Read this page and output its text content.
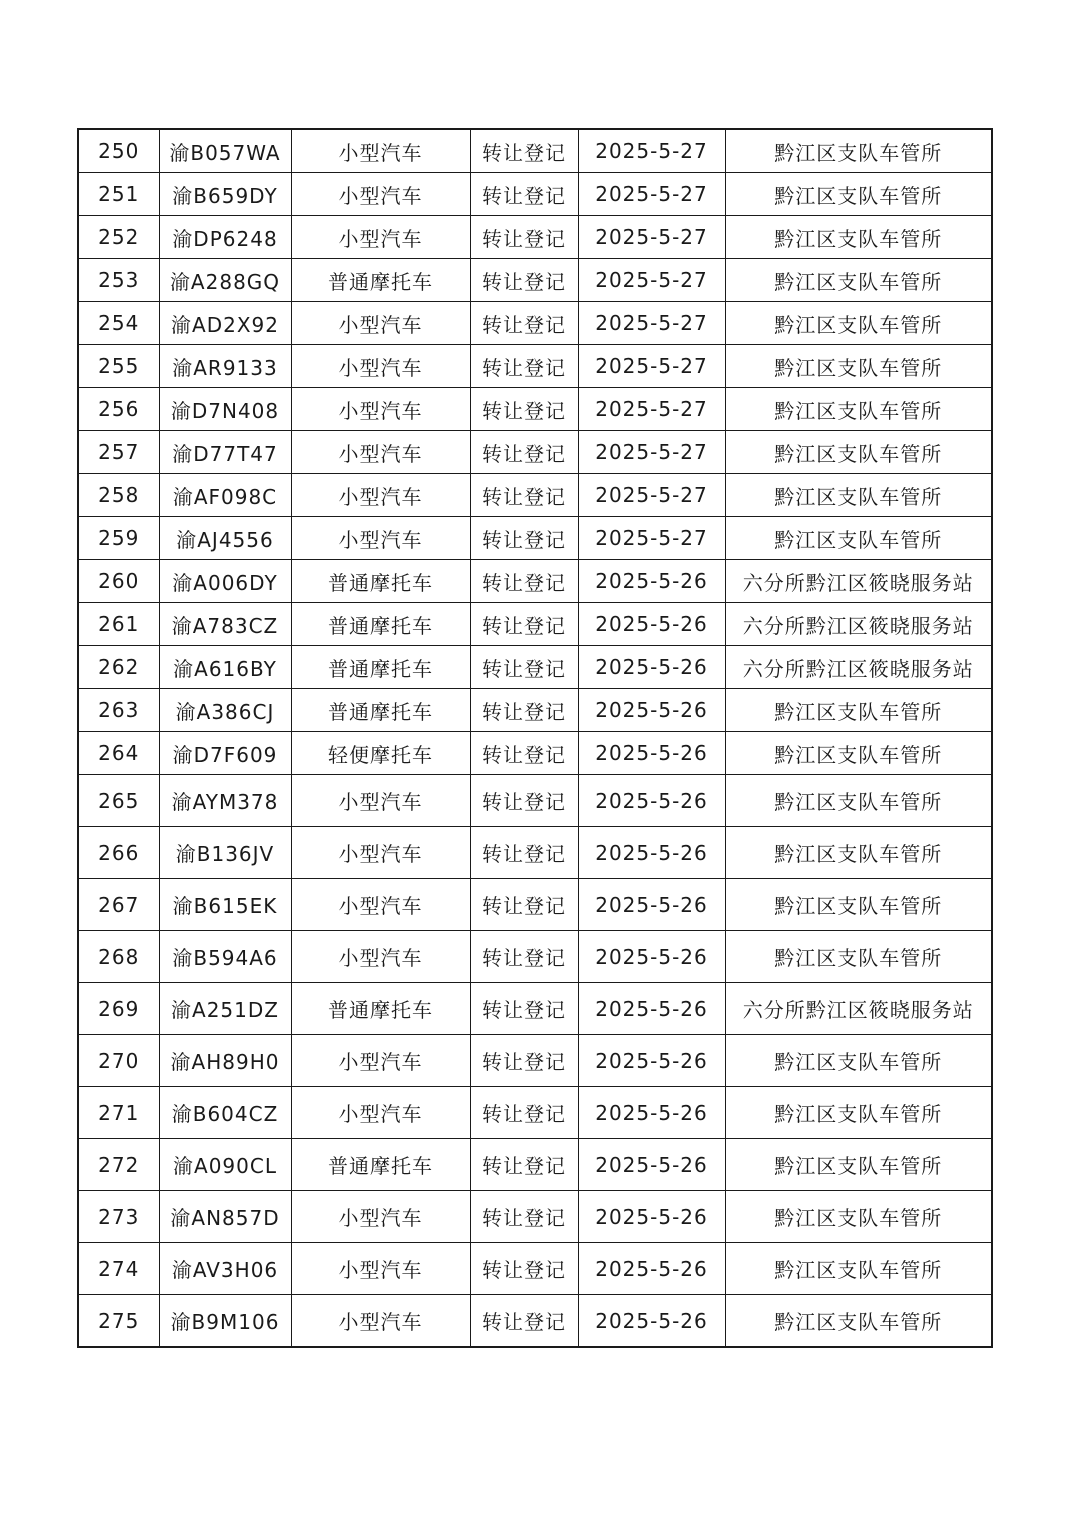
250	渝B057WA	小型汽车	转让登记	2025-5-27	黔江区支队车管所
251	渝B659DY	小型汽车	转让登记	2025-5-27	黔江区支队车管所
252	渝DP6248	小型汽车	转让登记	2025-5-27	黔江区支队车管所
253	渝A288GQ	普通摩托车	转让登记	2025-5-27	黔江区支队车管所
254	渝AD2X92	小型汽车	转让登记	2025-5-27	黔江区支队车管所
255	渝AR9133	小型汽车	转让登记	2025-5-27	黔江区支队车管所
256	渝D7N408	小型汽车	转让登记	2025-5-27	黔江区支队车管所
257	渝D77T47	小型汽车	转让登记	2025-5-27	黔江区支队车管所
258	渝AF098C	小型汽车	转让登记	2025-5-27	黔江区支队车管所
259	渝AJ4556	小型汽车	转让登记	2025-5-27	黔江区支队车管所
260	渝A006DY	普通摩托车	转让登记	2025-5-26	六分所黔江区筱晓服务站
261	渝A783CZ	普通摩托车	转让登记	2025-5-26	六分所黔江区筱晓服务站
262	渝A616BY	普通摩托车	转让登记	2025-5-26	六分所黔江区筱晓服务站
263	渝A386CJ	普通摩托车	转让登记	2025-5-26	黔江区支队车管所
264	渝D7F609	轻便摩托车	转让登记	2025-5-26	黔江区支队车管所
265	渝AYM378	小型汽车	转让登记	2025-5-26	黔江区支队车管所
266	渝B136JV	小型汽车	转让登记	2025-5-26	黔江区支队车管所
267	渝B615EK	小型汽车	转让登记	2025-5-26	黔江区支队车管所
268	渝B594A6	小型汽车	转让登记	2025-5-26	黔江区支队车管所
269	渝A251DZ	普通摩托车	转让登记	2025-5-26	六分所黔江区筱晓服务站
270	渝AH89H0	小型汽车	转让登记	2025-5-26	黔江区支队车管所
271	渝B604CZ	小型汽车	转让登记	2025-5-26	黔江区支队车管所
272	渝A090CL	普通摩托车	转让登记	2025-5-26	黔江区支队车管所
273	渝AN857D	小型汽车	转让登记	2025-5-26	黔江区支队车管所
274	渝AV3H06	小型汽车	转让登记	2025-5-26	黔江区支队车管所
275	渝B9M106	小型汽车	转让登记	2025-5-26	黔江区支队车管所
